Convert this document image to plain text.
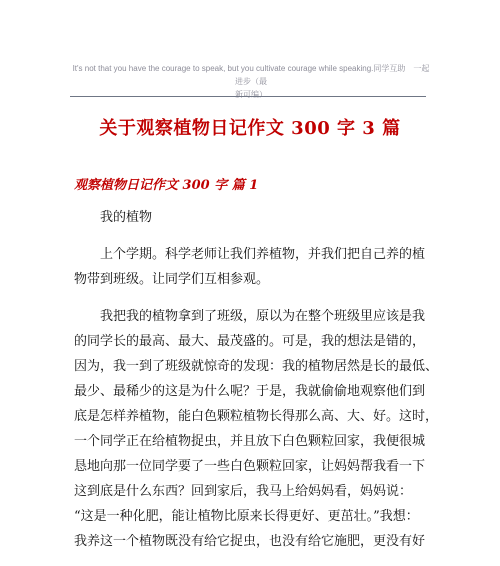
It's not that you have the courage to speak, but you cultivate courage while speaking.同学互助　一起进步（最
新可编）
关于观察植物日记作文 300 字 3 篇
观察植物日记作文 300 字 篇 1

我的植物

　　上个学期。科学老师让我们养植物，并我们把自己养的植

物带到班级。让同学们互相参观。

　　我把我的植物拿到了班级，原以为在整个班级里应该是我

的同学长的最高、最大、最茂盛的。可是，我的想法是错的，

因为，我一到了班级就惊奇的发现：我的植物居然是长的最低、

最少、最稀少的这是为什么呢？于是，我就偷偷地观察他们到

底是怎样养植物，能白色颗粒植物长得那么高、大、好。这时，

一个同学正在给植物捉虫，并且放下白色颗粒回家，我便很城

恳地向那一位同学要了一些白色颗粒回家，让妈妈帮我看一下

这到底是什么东西？回到家后，我马上给妈妈看，妈妈说：

“这是一种化肥，能让植物比原来长得更好、更茁壮。”我想：

我养这一个植物既没有给它捉虫，也没有给它施肥，更没有好
